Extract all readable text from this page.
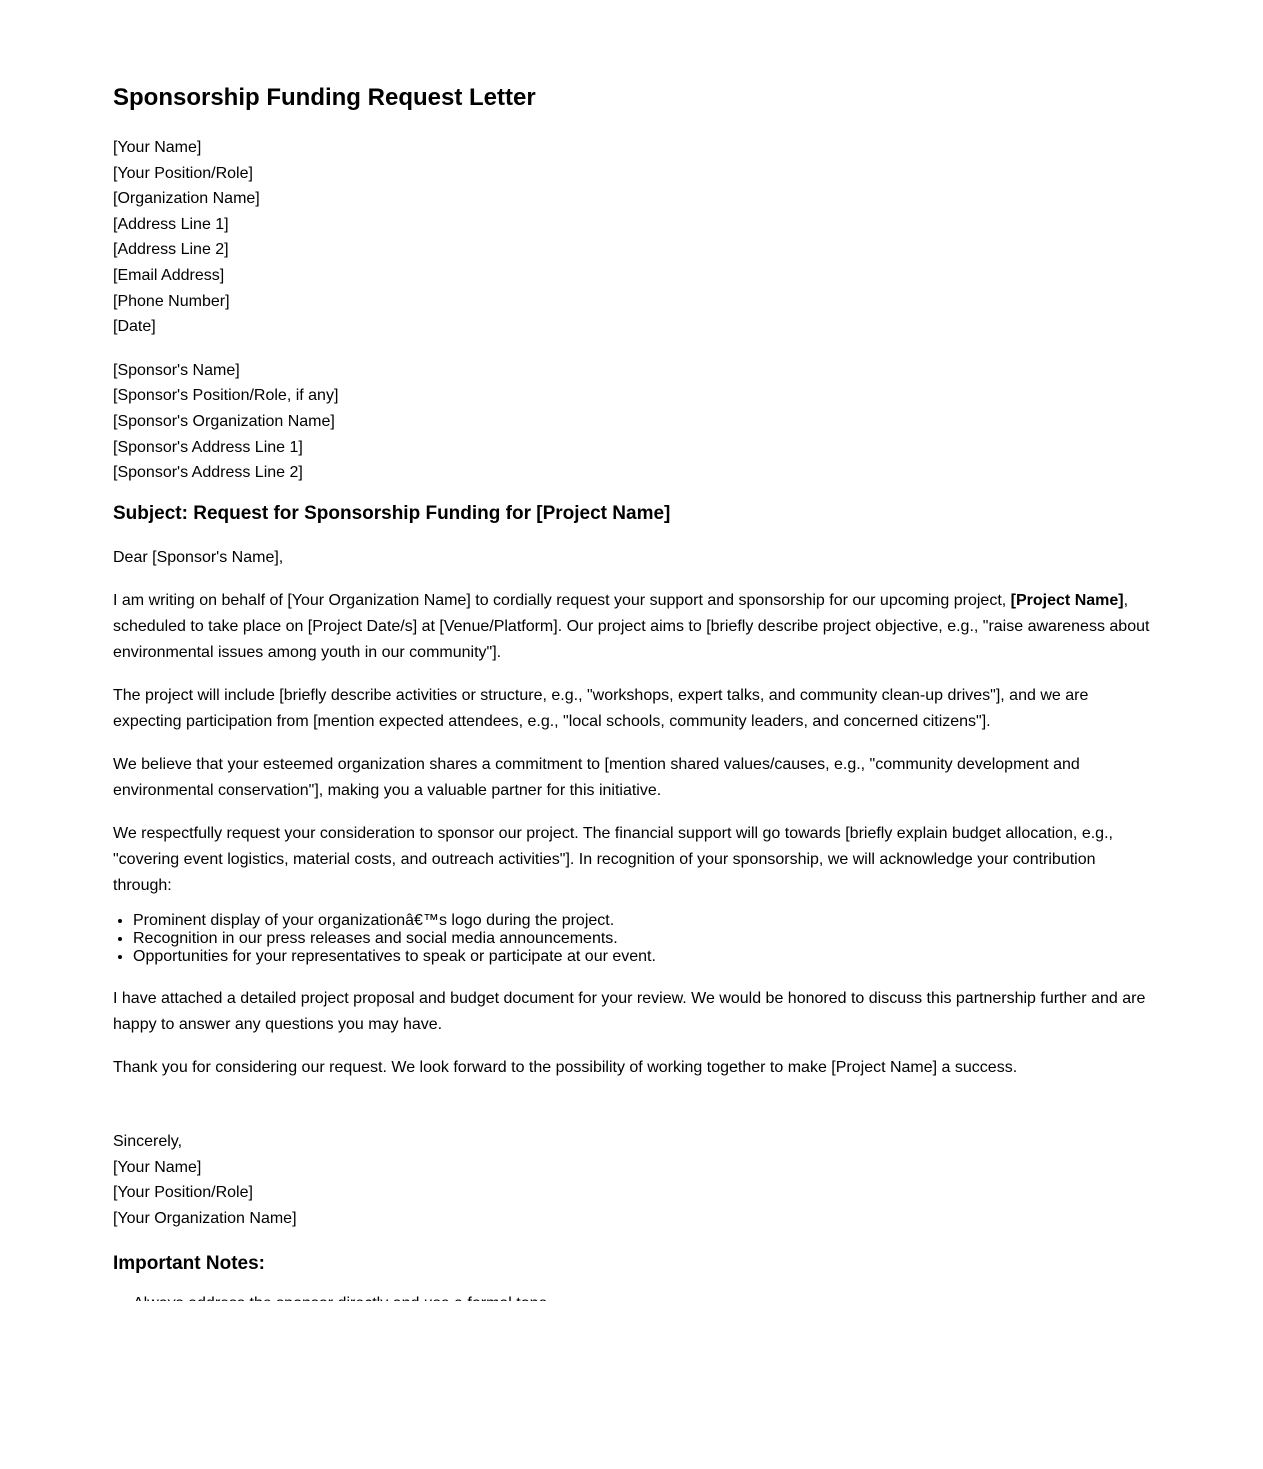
Sponsorship Funding Request Letter
[Your Name]
[Your Position/Role]
[Organization Name]
[Address Line 1]
[Address Line 2]
[Email Address]
[Phone Number]
[Date]
[Sponsor's Name]
[Sponsor's Position/Role, if any]
[Sponsor's Organization Name]
[Sponsor's Address Line 1]
[Sponsor's Address Line 2]
Subject: Request for Sponsorship Funding for [Project Name]

Dear [Sponsor's Name],

I am writing on behalf of [Your Organization Name] to cordially request your support and sponsorship for our upcoming project, [Project Name], scheduled to take place on [Project Date/s] at [Venue/Platform]. Our project aims to [briefly describe project objective, e.g., "raise awareness about environmental issues among youth in our community"].

The project will include [briefly describe activities or structure, e.g., "workshops, expert talks, and community clean-up drives"], and we are expecting participation from [mention expected attendees, e.g., "local schools, community leaders, and concerned citizens"].

We believe that your esteemed organization shares a commitment to [mention shared values/causes, e.g., "community development and environmental conservation"], making you a valuable partner for this initiative.

We respectfully request your consideration to sponsor our project. The financial support will go towards [briefly explain budget allocation, e.g., "covering event logistics, material costs, and outreach activities"]. In recognition of your sponsorship, we will acknowledge your contribution through:

• Prominent display of your organizationâ€™s logo during the project.
• Recognition in our press releases and social media announcements.
• Opportunities for your representatives to speak or participate at our event.

I have attached a detailed project proposal and budget document for your review. We would be honored to discuss this partnership further and are happy to answer any questions you may have.

Thank you for considering our request. We look forward to the possibility of working together to make [Project Name] a success.

Sincerely,
[Your Name]
[Your Position/Role]
[Your Organization Name]
Important Notes:
•
